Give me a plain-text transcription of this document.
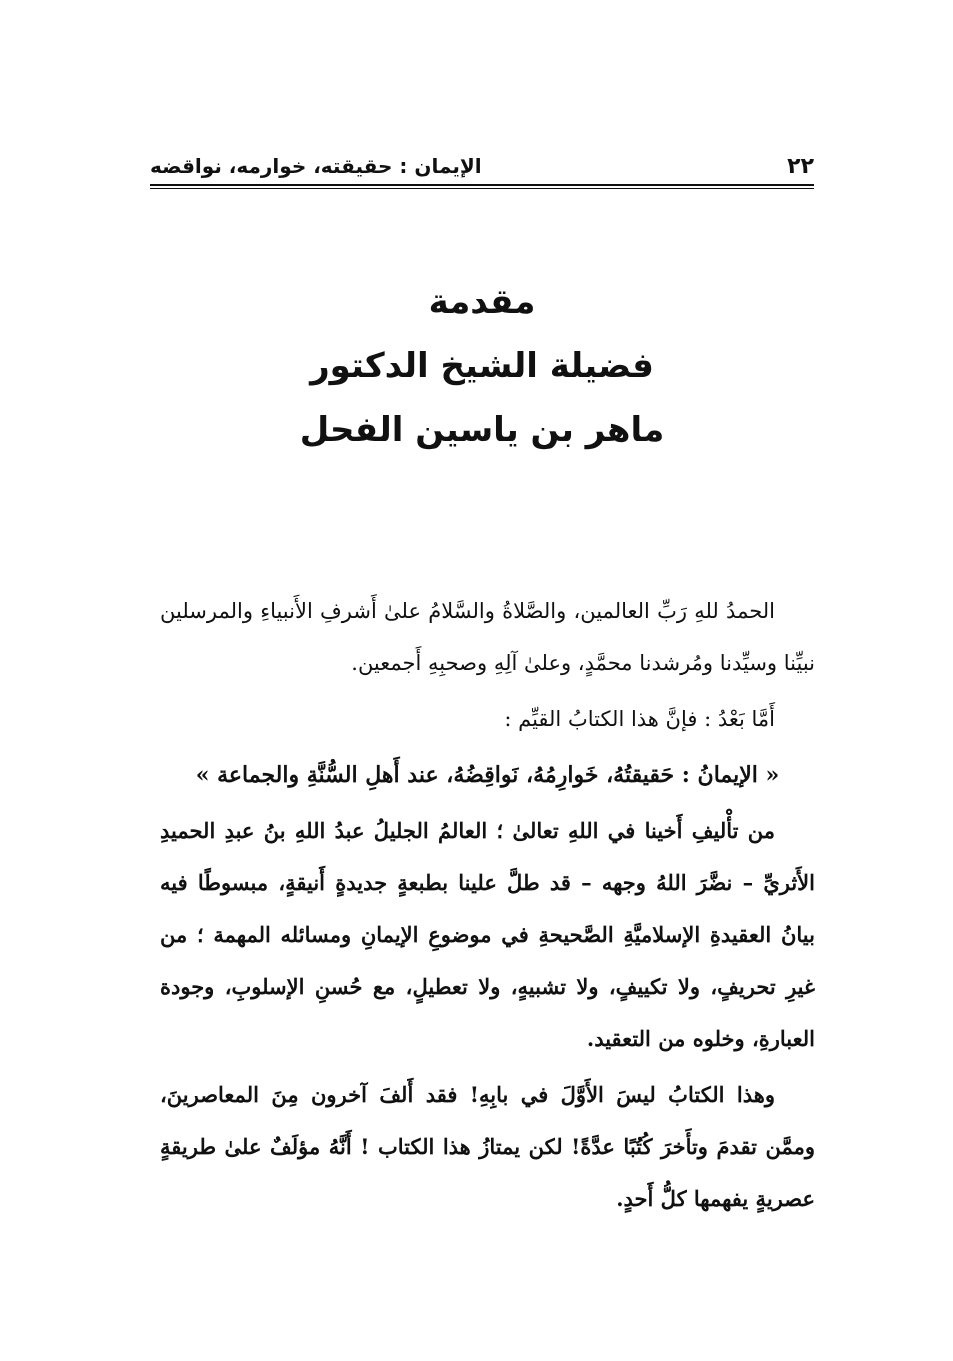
٢٢
الإيمان : حقيقته، خوارمه، نواقضه

مقدمة

فضيلة الشيخ الدكتور

ماهر بن ياسين الفحل

الحمدُ للهِ رَبِّ العالمين، والصَّلاةُ والسَّلامُ علىٰ أَشرفِ الأَنبياءِ والمرسلين نبيِّنا وسيِّدنا ومُرشدنا محمَّدٍ، وعلىٰ آلِهِ وصحبِهِ أَجمعين.

أَمَّا بَعْدُ : فإنَّ هذا الكتابُ القيِّم :

« الإيمانُ : حَقيقتُهُ، خَوارِمُهُ، نَواقِضُهُ، عند أَهلِ السُّنَّةِ والجماعة »

من تأْليفِ أَخينا في اللهِ تعالىٰ ؛ العالمُ الجليلُ عبدُ اللهِ بنُ عبدِ الحميدِ الأَثريِّ – نضَّرَ اللهُ وجهه – قد طلَّ علينا بطبعةٍ جديدةٍ أَنيقةٍ، مبسوطًا فيه بيانُ العقيدةِ الإسلاميَّةِ الصَّحيحةِ في موضوعِ الإيمانِ ومسائله المهمة ؛ من غيرِ تحريفٍ، ولا تكييفٍ، ولا تشبيهٍ، ولا تعطيلٍ، مع حُسنِ الإسلوبِ، وجودة العبارةِ، وخلوه من التعقيد.

وهذا الكتابُ ليسَ الأَوَّلَ في بابِهِ! فقد أَلفَ آخرون مِنَ المعاصرينَ، وممَّن تقدمَ وتأَخرَ كُتُبًا عدَّةً! لكن يمتازُ هذا الكتاب ! أَنَّهُ مؤلَفٌ علىٰ طريقةٍ عصريةٍ يفهمها كلُّ أَحدٍ.
